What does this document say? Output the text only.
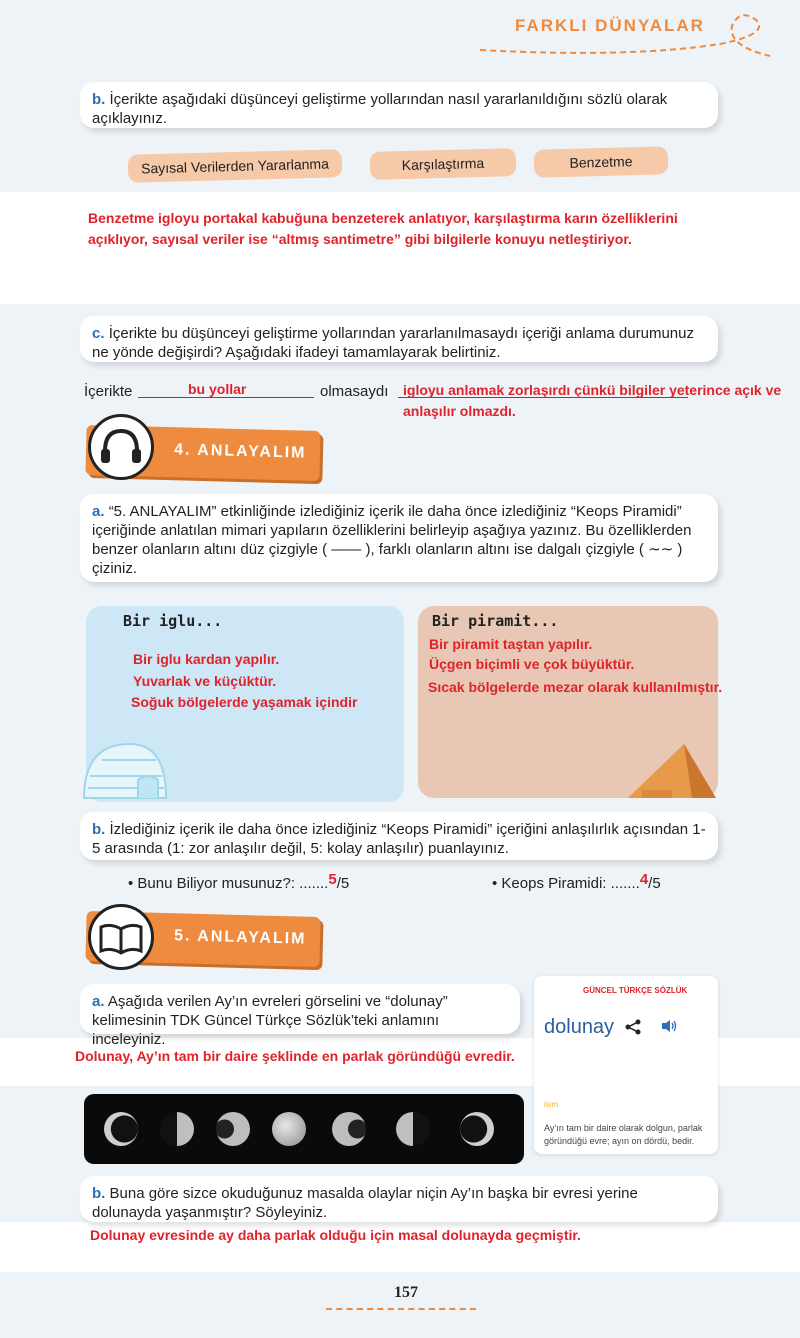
FARKLI DÜNYALAR
b. İçerikte aşağıdaki düşünceyi geliştirme yollarından nasıl yararlanıldığını sözlü olarak açıklayınız.
Sayısal Verilerden Yararlanma	Karşılaştırma	Benzetme
Benzetme igloyu portakal kabuğuna benzeterek anlatıyor, karşılaştırma karın özelliklerini açıklıyor, sayısal veriler ise “altmış santimetre” gibi bilgilerle konuyu netleştiriyor.
c. İçerikte bu düşünceyi geliştirme yollarından yararlanılmasaydı içeriği anlama durumunuz ne yönde değişirdi? Aşağıdaki ifadeyi tamamlayarak belirtiniz.
İçerikte	bu yollar	olmasaydı igloyu anlamak zorlaşırdı çünkü bilgiler yeterince açık ve anlaşılır olmazdı.
4. ANLAYALIM
a. “5. ANLAYALIM” etkinliğinde izlediğiniz içerik ile daha önce izlediğiniz “Keops Piramidi” içeriğinde anlatılan mimari yapıların özelliklerini belirleyip aşağıya yazınız. Bu özelliklerden benzer olanların altını düz çizgiyle ( —— ), farklı olanların altını ise dalgalı çizgiyle ( ∼∼ ) çiziniz.
Bir iglu...
Bir iglu kardan yapılır.
Yuvarlak ve küçüktür.
Soğuk bölgelerde yaşamak içindir
Bir piramit...
Bir piramit taştan yapılır.
Üçgen biçimli ve çok büyüktür.
Sıcak bölgelerde mezar olarak kullanılmıştır.
b. İzlediğiniz içerik ile daha önce izlediğiniz “Keops Piramidi” içeriğini anlaşılırlık açısından 1-5 arasında (1: zor anlaşılır değil, 5: kolay anlaşılır) puanlayınız.
• Bunu Biliyor musunuz?: .......5/5	• Keops Piramidi: .......4/5
5. ANLAYALIM
a. Aşağıda verilen Ay’ın evreleri görselini ve “dolunay” kelimesinin TDK Güncel Türkçe Sözlük’teki anlamını inceleyiniz.
GÜNCEL TÜRKÇE SÖZLÜK
dolunay
isim
Ay’ın tam bir daire olarak dolgun, parlak göründüğü evre; ayın on dördü, bedir.
Dolunay, Ay’ın tam bir daire şeklinde en parlak göründüğü evredir.
b. Buna göre sizce okuduğunuz masalda olaylar niçin Ay’ın başka bir evresi yerine dolunayda yaşanmıştır? Söyleyiniz.
Dolunay evresinde ay daha parlak olduğu için masal dolunayda geçmiştir.
157
